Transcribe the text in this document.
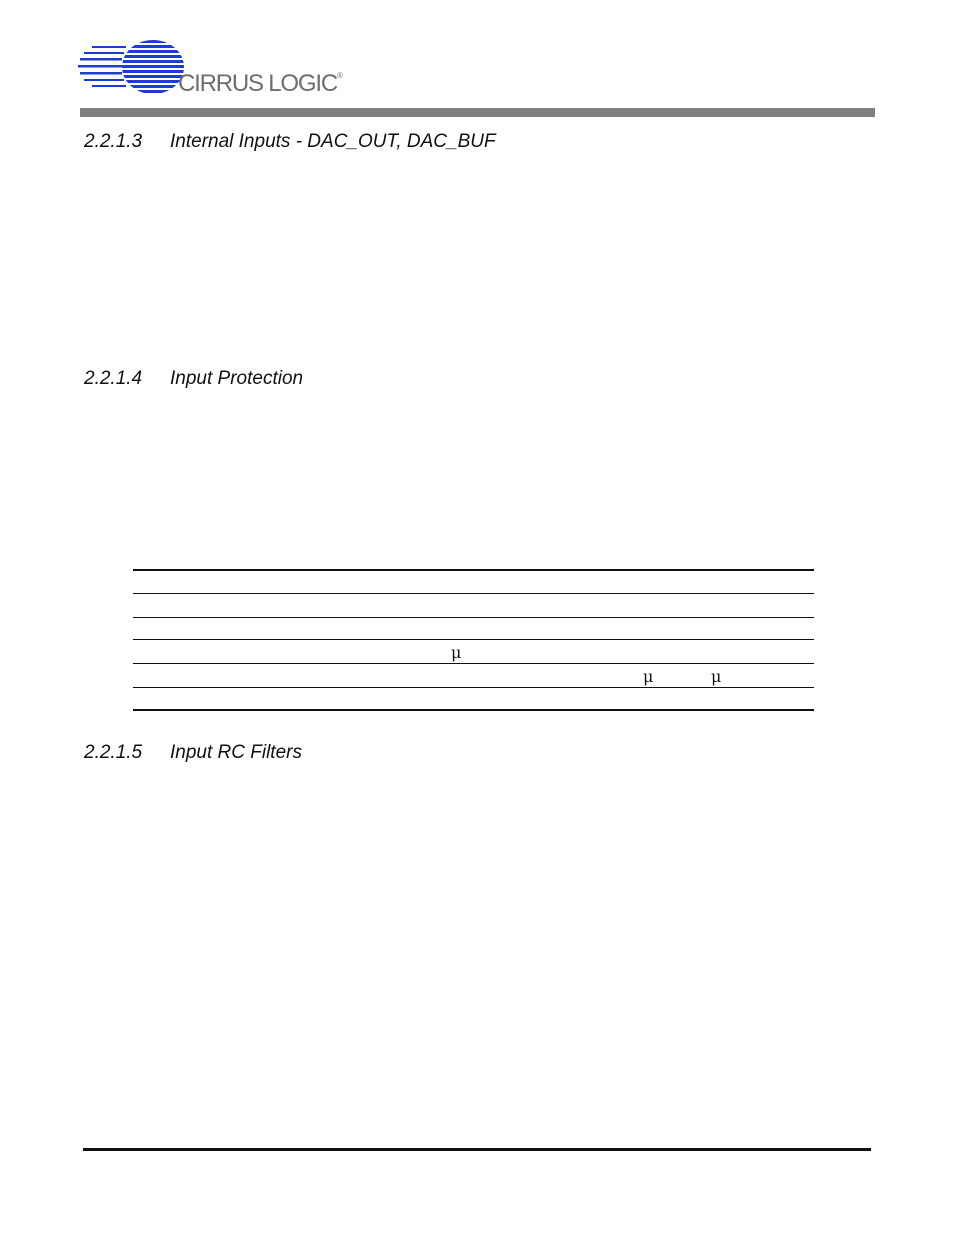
CIRRUS LOGIC®
2.2.1.3 Internal Inputs - DAC_OUT, DAC_BUF
2.2.1.4 Input Protection
μ
μ	μ
2.2.1.5 Input RC Filters
